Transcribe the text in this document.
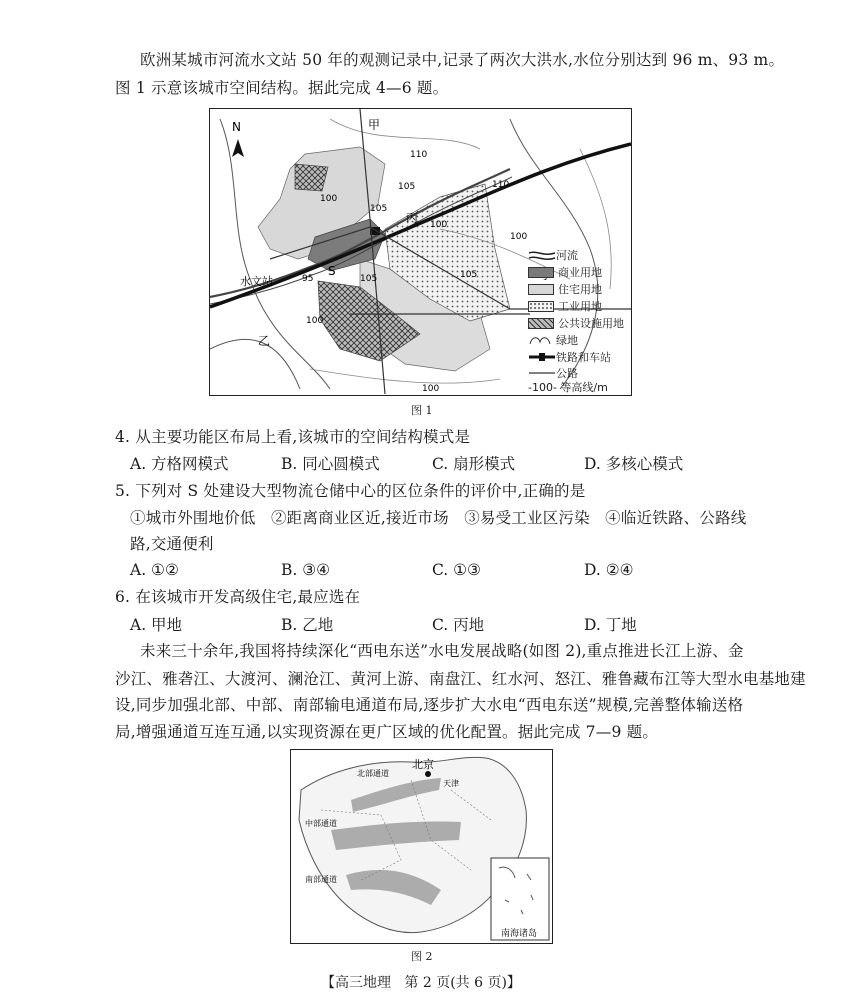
欧洲某城市河流水文站 50 年的观测记录中,记录了两次大洪水,水位分别达到 96 m、93 m。
图 1 示意该城市空间结构。据此完成 4—6 题。
N	甲
乙
丙
S
水文站
110
105
100
105
100
95	105
110
100
105
100
100
河流
商业用地
住宅用地
工业用地
公共设施用地
绿地
铁路和车站
公路
-100- 等高线/m
图 1
4. 从主要功能区布局上看,该城市的空间结构模式是
A. 方格网模式	B. 同心圆模式	C. 扇形模式	D. 多核心模式
5. 下列对 S 处建设大型物流仓储中心的区位条件的评价中,正确的是
①城市外围地价低   ②距离商业区近,接近市场   ③易受工业区污染   ④临近铁路、公路线
路,交通便利
A. ①②	B. ③④	C. ①③	D. ②④
6. 在该城市开发高级住宅,最应选在
A. 甲地	B. 乙地	C. 丙地	D. 丁地
未来三十余年,我国将持续深化“西电东送”水电发展战略(如图 2),重点推进长江上游、金
沙江、雅砻江、大渡河、澜沧江、黄河上游、南盘江、红水河、怒江、雅鲁藏布江等大型水电基地建
设,同步加强北部、中部、南部输电通道布局,逐步扩大水电“西电东送”规模,完善整体输送格
局,增强通道互连互通,以实现资源在更广区域的优化配置。据此完成 7—9 题。
北京
天津
北部通道
中部通道
南部通道
南海诸岛
图 2
【高三地理   第 2 页(共 6 页)】
